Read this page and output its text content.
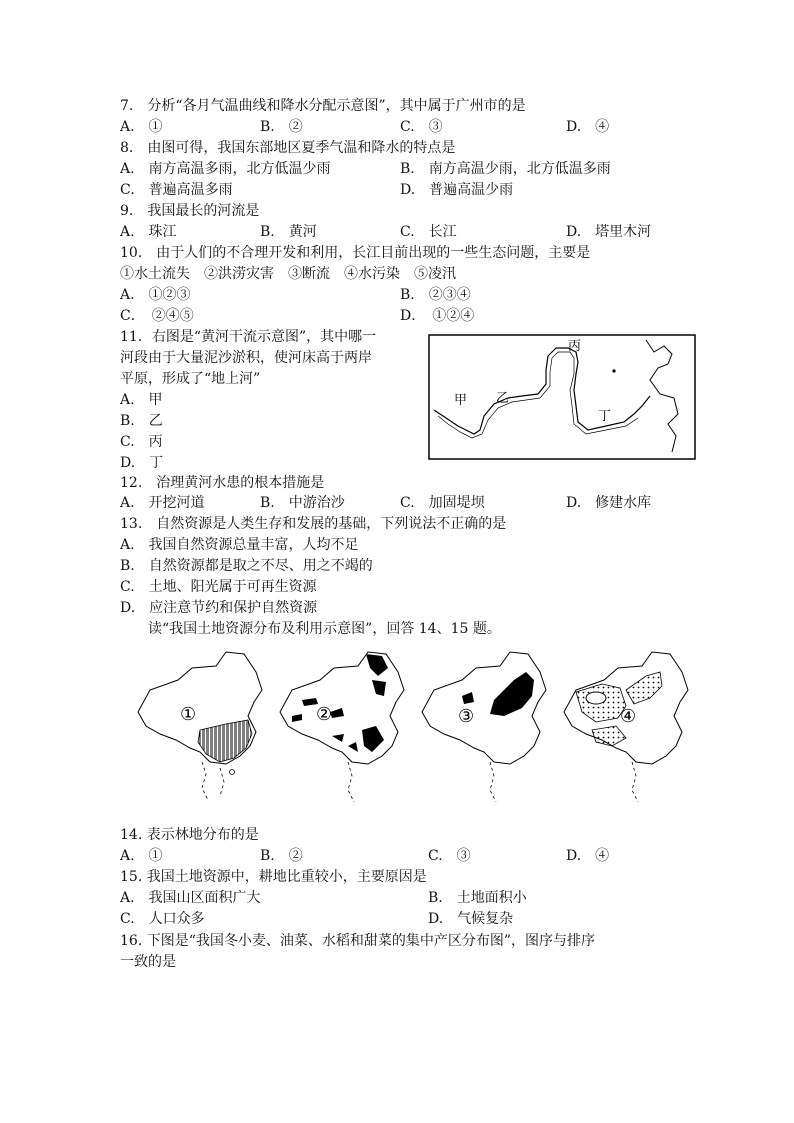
7.　分析“各月气温曲线和降水分配示意图”，其中属于广州市的是
A.　①	B.　②	C.　③	D.　④
8.　由图可得，我国东部地区夏季气温和降水的特点是
A.　南方高温多雨，北方低温少雨	B.　南方高温少雨，北方低温多雨
C.　普遍高温多雨	D.　普遍高温少雨
9.　我国最长的河流是
A.　珠江	B.　黄河	C.　长江	D.　塔里木河
10.　由于人们的不合理开发和利用，长江目前出现的一些生态问题，主要是
①水土流失　②洪涝灾害　③断流　④水污染　⑤凌汛
A.　①②③	B.　②③④
C．　②④⑤	D．　①②④
11．右图是“黄河干流示意图”，其中哪一
河段由于大量泥沙淤积，使河床高于两岸
平原，形成了“地上河”
A.　甲
B.　乙
C.　丙
D.　丁
甲 乙
丙
丁
12.　治理黄河水患的根本措施是
A.　开挖河道	B.　中游治沙	C.　加固堤坝	D.　修建水库
13.　自然资源是人类生存和发展的基础，下列说法不正确的是
A.　我国自然资源总量丰富，人均不足
B.　自然资源都是取之不尽、用之不竭的
C.　土地、阳光属于可再生资源
D.　应注意节约和保护自然资源
读“我国土地资源分布及利用示意图”，回答 14、15 题。
①	②	③	④
14. 表示林地分布的是
A.　①	B.　②	C.　③	D.　④
15. 我国土地资源中，耕地比重较小，主要原因是
A.　我国山区面积广大	B.　土地面积小
C.　人口众多	D.　气候复杂
16. 下图是“我国冬小麦、油菜、水稻和甜菜的集中产区分布图”，图序与排序
一致的是
